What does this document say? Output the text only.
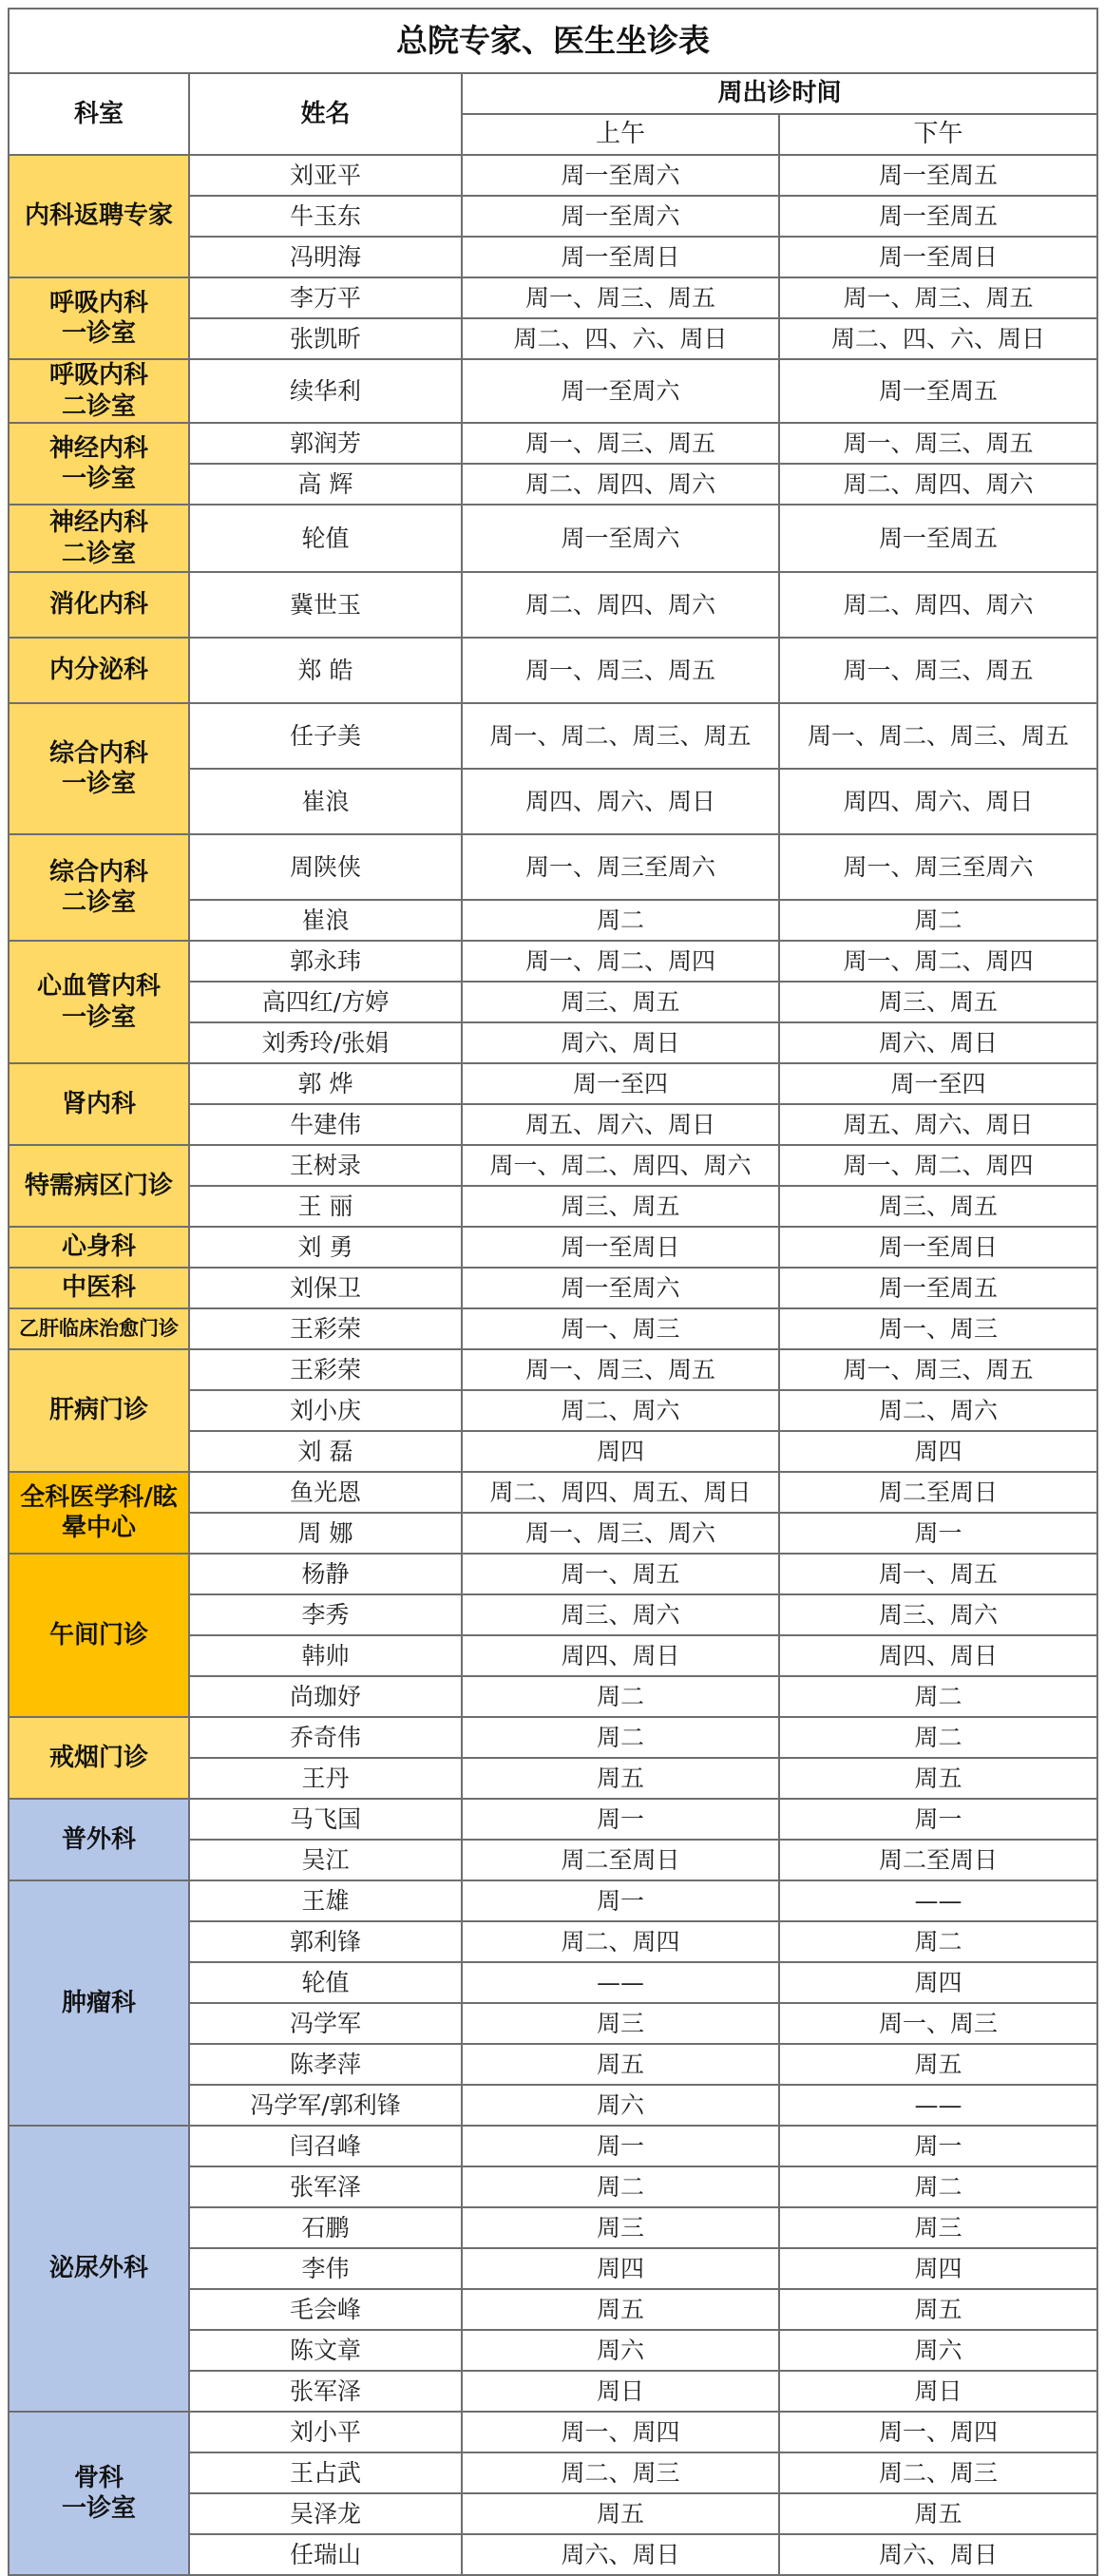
总院专家、医生坐诊表			
科室	姓名	周出诊时间	
		上午	下午
内科返聘专家	刘亚平	周一至周六	周一至周五
	牛玉东	周一至周六	周一至周五
	冯明海	周一至周日	周一至周日

呼吸内科
一诊室	李万平	周一、周三、周五	周一、周三、周五
	张凯昕	周二、四、六、周日	周二、四、六、周日

呼吸内科
二诊室	续华利	周一至周六	周一至周五

神经内科
一诊室	郭润芳	周一、周三、周五	周一、周三、周五
	高 辉	周二、周四、周六	周二、周四、周六

神经内科
二诊室	轮值	周一至周六	周一至周五
消化内科	冀世玉	周二、周四、周六	周二、周四、周六
内分泌科	郑 皓	周一、周三、周五	周一、周三、周五

综合内科
一诊室	任子美	周一、周二、周三、周五	周一、周二、周三、周五
	崔浪	周四、周六、周日	周四、周六、周日

综合内科
二诊室	周陕侠	周一、周三至周六	周一、周三至周六
	崔浪	周二	周二

心血管内科
一诊室	郭永玮	周一、周二、周四	周一、周二、周四
	高四红/方婷	周三、周五	周三、周五
	刘秀玲/张娟	周六、周日	周六、周日
肾内科	郭 烨	周一至四	周一至四
	牛建伟	周五、周六、周日	周五、周六、周日
特需病区门诊	王树录	周一、周二、周四、周六	周一、周二、周四
	王 丽	周三、周五	周三、周五
心身科	刘 勇	周一至周日	周一至周日
中医科	刘保卫	周一至周六	周一至周五
乙肝临床治愈门诊	王彩荣	周一、周三	周一、周三
肝病门诊	王彩荣	周一、周三、周五	周一、周三、周五
	刘小庆	周二、周六	周二、周六
	刘 磊	周四	周四

全科医学科/眩
晕中心	鱼光恩	周二、周四、周五、周日	周二至周日
	周 娜	周一、周三、周六	周一
午间门诊	杨静	周一、周五	周一、周五
	李秀	周三、周六	周三、周六
	韩帅	周四、周日	周四、周日
	尚珈妤	周二	周二
戒烟门诊	乔奇伟	周二	周二
	王丹	周五	周五
普外科	马飞国	周一	周一
	吴江	周二至周日	周二至周日
肿瘤科	王雄	周一	——
	郭利锋	周二、周四	周二
	轮值	——	周四
	冯学军	周三	周一、周三
	陈孝萍	周五	周五
	冯学军/郭利锋	周六	——
泌尿外科	闫召峰	周一	周一
	张军泽	周二	周二
	石鹏	周三	周三
	李伟	周四	周四
	毛会峰	周五	周五
	陈文章	周六	周六
	张军泽	周日	周日

骨科
一诊室	刘小平	周一、周四	周一、周四
	王占武	周二、周三	周二、周三
	吴泽龙	周五	周五
	任瑞山	周六、周日	周六、周日
